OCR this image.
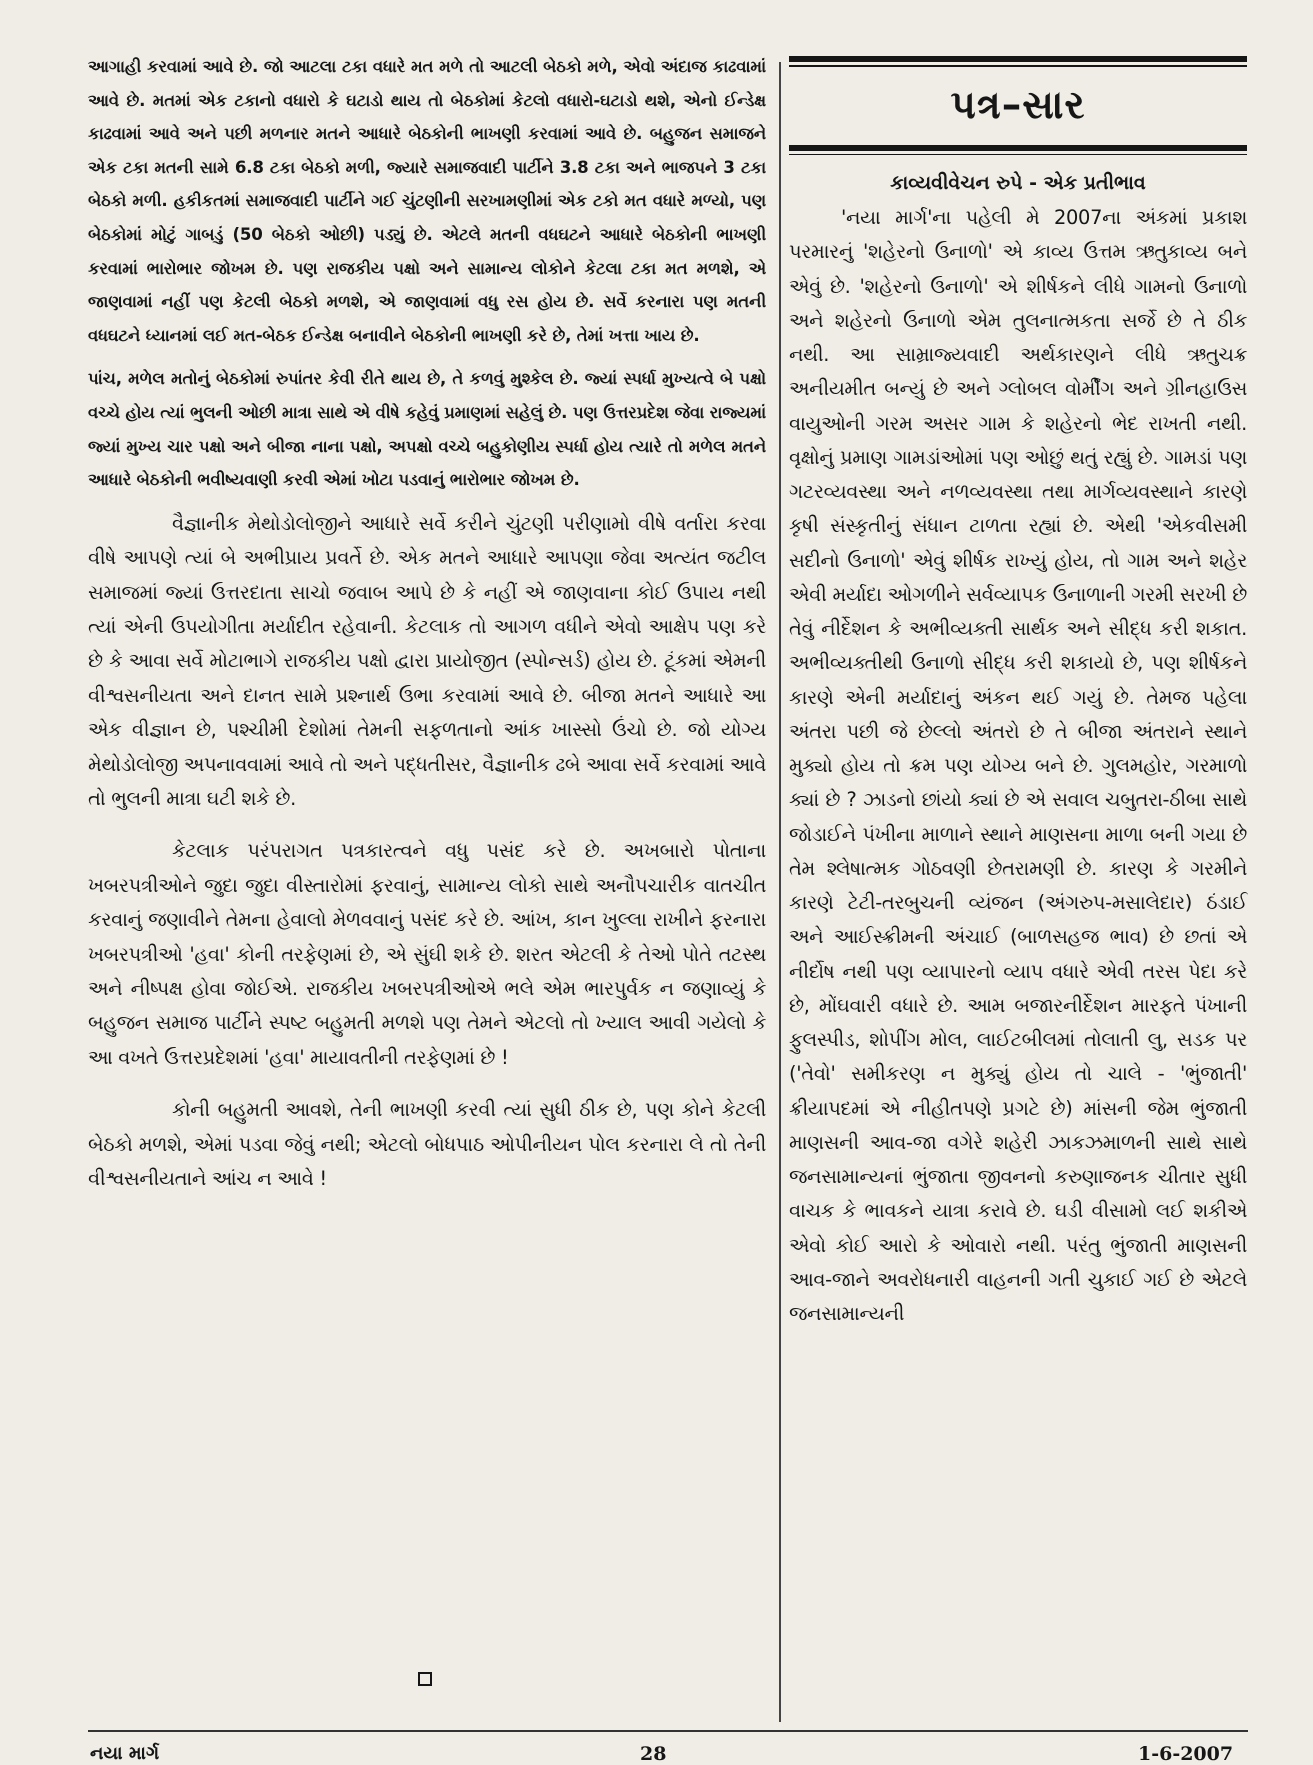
આગાહી કરવામાં આવે છે. જો આટલા ટકા વધારે મત મળે તો આટલી બેઠકો મળે, એવો અંદાજ કાઢવામાં આવે છે. મતમાં એક ટકાનો વધારો કે ઘટાડો થાય તો બેઠકોમાં કેટલો વધારો-ઘટાડો થશે, એનો ઈન્ડેક્ષ કાઢવામાં આવે અને પછી મળનાર મતને આધારે બેઠકોની ભાખણી કરવામાં આવે છે. બહુજન સમાજને એક ટકા મતની સામે 6.8 ટકા બેઠકો મળી, જ્યારે સમાજવાદી પાર્ટીને 3.8 ટકા અને ભાજપને 3 ટકા બેઠકો મળી. હકીકતમાં સમાજવાદી પાર્ટીને ગઈ ચુંટણીની સરખામણીમાં એક ટકો મત વધારે મળ્યો, પણ બેઠકોમાં મોટું ગાબડું (50 બેઠકો ઓછી) પડ્યું છે. એટલે મતની વધઘટને આધારે બેઠકોની ભાખણી કરવામાં ભારોભાર જોખમ છે. પણ રાજકીય પક્ષો અને સામાન્ય લોકોને કેટલા ટકા મત મળશે, એ જાણવામાં નહીં પણ કેટલી બેઠકો મળશે, એ જાણવામાં વધુ રસ હોય છે. સર્વે કરનારા પણ મતની વધઘટને ધ્યાનમાં લઈ મત-બેઠક ઈન્ડેક્ષ બનાવીને બેઠકોની ભાખણી કરે છે, તેમાં ખત્તા ખાય છે.

પાંચ, મળેલ મતોનું બેઠકોમાં રુપાંતર કેવી રીતે થાય છે, તે કળવું મુશ્કેલ છે. જ્યાં સ્પર્ધા મુખ્યત્વે બે પક્ષો વચ્ચે હોય ત્યાં ભુલની ઓછી માત્રા સાથે એ વીષે કહેવું પ્રમાણમાં સહેલું છે. પણ ઉત્તરપ્રદેશ જેવા રાજ્યમાં જ્યાં મુખ્ય ચાર પક્ષો અને બીજા નાના પક્ષો, અપક્ષો વચ્ચે બહુકોણીય સ્પર્ધા હોય ત્યારે તો મળેલ મતને આધારે બેઠકોની ભવીષ્યવાણી કરવી એમાં ખોટા પડવાનું ભારોભાર જોખમ છે.

વૈજ્ઞાનીક મેથોડોલોજીને આધારે સર્વે કરીને ચુંટણી પરીણામો વીષે વર્તારા કરવા વીષે આપણે ત્યાં બે અભીપ્રાય પ્રવર્તે છે. એક મતને આધારે આપણા જેવા અત્યંત જટીલ સમાજમાં જ્યાં ઉત્તરદાતા સાચો જવાબ આપે છે કે નહીં એ જાણવાના કોઈ ઉપાય નથી ત્યાં એની ઉપયોગીતા મર્યાદીત રહેવાની. કેટલાક તો આગળ વધીને એવો આક્ષેપ પણ કરે છે કે આવા સર્વે મોટાભાગે રાજકીય પક્ષો દ્વારા પ્રાયોજીત (સ્પોન્સર્ડ) હોય છે. ટૂંકમાં એમની વીશ્વસનીયતા અને દાનત સામે પ્રશ્નાર્થ ઉભા કરવામાં આવે છે. બીજા મતને આધારે આ એક વીજ્ઞાન છે, પશ્ચીમી દેશોમાં તેમની સફળતાનો આંક ખાસ્સો ઉંચો છે. જો યોગ્ય મેથોડોલોજી અપનાવવામાં આવે તો અને પદ્ધતીસર, વૈજ્ઞાનીક ઢબે આવા સર્વે કરવામાં આવે તો ભુલની માત્રા ઘટી શકે છે.

કેટલાક પરંપરાગત પત્રકારત્વને વધુ પસંદ કરે છે. અખબારો પોતાના ખબરપત્રીઓને જુદા જુદા વીસ્તારોમાં ફરવાનું, સામાન્ય લોકો સાથે અનૌપચારીક વાતચીત કરવાનું જણાવીને તેમના હેવાલો મેળવવાનું પસંદ કરે છે. આંખ, કાન ખુલ્લા રાખીને ફરનારા ખબરપત્રીઓ 'હવા' કોની તરફેણમાં છે, એ સુંઘી શકે છે. શરત એટલી કે તેઓ પોતે તટસ્થ અને નીષ્પક્ષ હોવા જોઈએ. રાજકીય ખબરપત્રીઓએ ભલે એમ ભારપુર્વક ન જણાવ્યું કે બહુજન સમાજ પાર્ટીને સ્પષ્ટ બહુમતી મળશે પણ તેમને એટલો તો ખ્યાલ આવી ગયેલો કે આ વખતે ઉત્તરપ્રદેશમાં 'હવા' માયાવતીની તરફેણમાં છે !

કોની બહુમતી આવશે, તેની ભાખણી કરવી ત્યાં સુધી ઠીક છે, પણ કોને કેટલી બેઠકો મળશે, એમાં પડવા જેવું નથી; એટલો બોધપાઠ ઓપીનીયન પોલ કરનારા લે તો તેની વીશ્વસનીયતાને આંચ ન આવે !

પત્ર–સાર
કાવ્યવીવેચન રુપે - એક પ્રતીભાવ

'નયા માર્ગ'ના પહેલી મે 2007ના અંકમાં પ્રકાશ પરમારનું 'શહેરનો ઉનાળો' એ કાવ્ય ઉત્તમ ઋતુકાવ્ય બને એવું છે. 'શહેરનો ઉનાળો' એ શીર્ષકને લીધે ગામનો ઉનાળો અને શહેરનો ઉનાળો એમ તુલનાત્મકતા સર્જે છે તે ઠીક નથી. આ સામ્રાજ્યવાદી અર્થકારણને લીધે ઋતુચક્ર અનીયમીત બન્યું છે અને ગ્લોબલ વોર્મીંગ અને ગ્રીનહાઉસ વાયુઓની ગરમ અસર ગામ કે શહેરનો ભેદ રાખતી નથી. વૃક્ષોનું પ્રમાણ ગામડાંઓમાં પણ ઓછું થતું રહ્યું છે. ગામડાં પણ ગટરવ્યવસ્થા અને નળવ્યવસ્થા તથા માર્ગવ્યવસ્થાને કારણે કૃષી સંસ્કૃતીનું સંધાન ટાળતા રહ્યાં છે. એથી 'એકવીસમી સદીનો ઉનાળો' એવું શીર્ષક રાખ્યું હોય, તો ગામ અને શહેર એવી મર્યાદા ઓગળીને સર્વવ્યાપક ઉનાળાની ગરમી સરખી છે તેવું નીર્દેશન કે અભીવ્યક્તી સાર્થક અને સીદ્ધ કરી શકાત. અભીવ્યક્તીથી ઉનાળો સીદ્ધ કરી શકાયો છે, પણ શીર્ષકને કારણે એની મર્યાદાનું અંકન થઈ ગયું છે. તેમજ પહેલા અંતરા પછી જે છેલ્લો અંતરો છે તે બીજા અંતરાને સ્થાને મુક્યો હોય તો ક્રમ પણ યોગ્ય બને છે. ગુલમહોર, ગરમાળો ક્યાં છે ? ઝાડનો છાંયો ક્યાં છે એ સવાલ ચબુતરા-ઠીબા સાથે જોડાઈને પંખીના માળાને સ્થાને માણસના માળા બની ગયા છે તેમ શ્લેષાત્મક ગોઠવણી છેતરામણી છે. કારણ કે ગરમીને કારણે ટેટી-તરબુચની વ્યંજન (અંગરુપ-મસાલેદાર) ઠંડાઈ અને આઈસ્ક્રીમની અંચાઈ (બાળસહજ ભાવ) છે છતાં એ નીર્દોષ નથી પણ વ્યાપારનો વ્યાપ વધારે એવી તરસ પેદા કરે છે, મોંઘવારી વધારે છે. આમ બજારનીર્દેશન મારફતે પંખાની ફુલસ્પીડ, શોપીંગ મોલ, લાઈટબીલમાં તોલાતી લુ, સડક પર ('તેવો' સમીકરણ ન મુક્યું હોય તો ચાલે - 'ભુંજાતી' ક્રીયાપદમાં એ નીહીતપણે પ્રગટે છે) માંસની જેમ ભુંજાતી માણસની આવ-જા વગેરે શહેરી ઝાકઝમાળની સાથે સાથે જનસામાન્યનાં ભુંજાતા જીવનનો કરુણાજનક ચીતાર સુધી વાચક કે ભાવકને યાત્રા કરાવે છે. ઘડી વીસામો લઈ શકીએ એવો કોઈ આરો કે ઓવારો નથી. પરંતુ ભુંજાતી માણસની આવ-જાને અવરોધનારી વાહનની ગતી ચુકાઈ ગઈ છે એટલે જનસામાન્યની

નયા માર્ગ	28	1-6-2007
